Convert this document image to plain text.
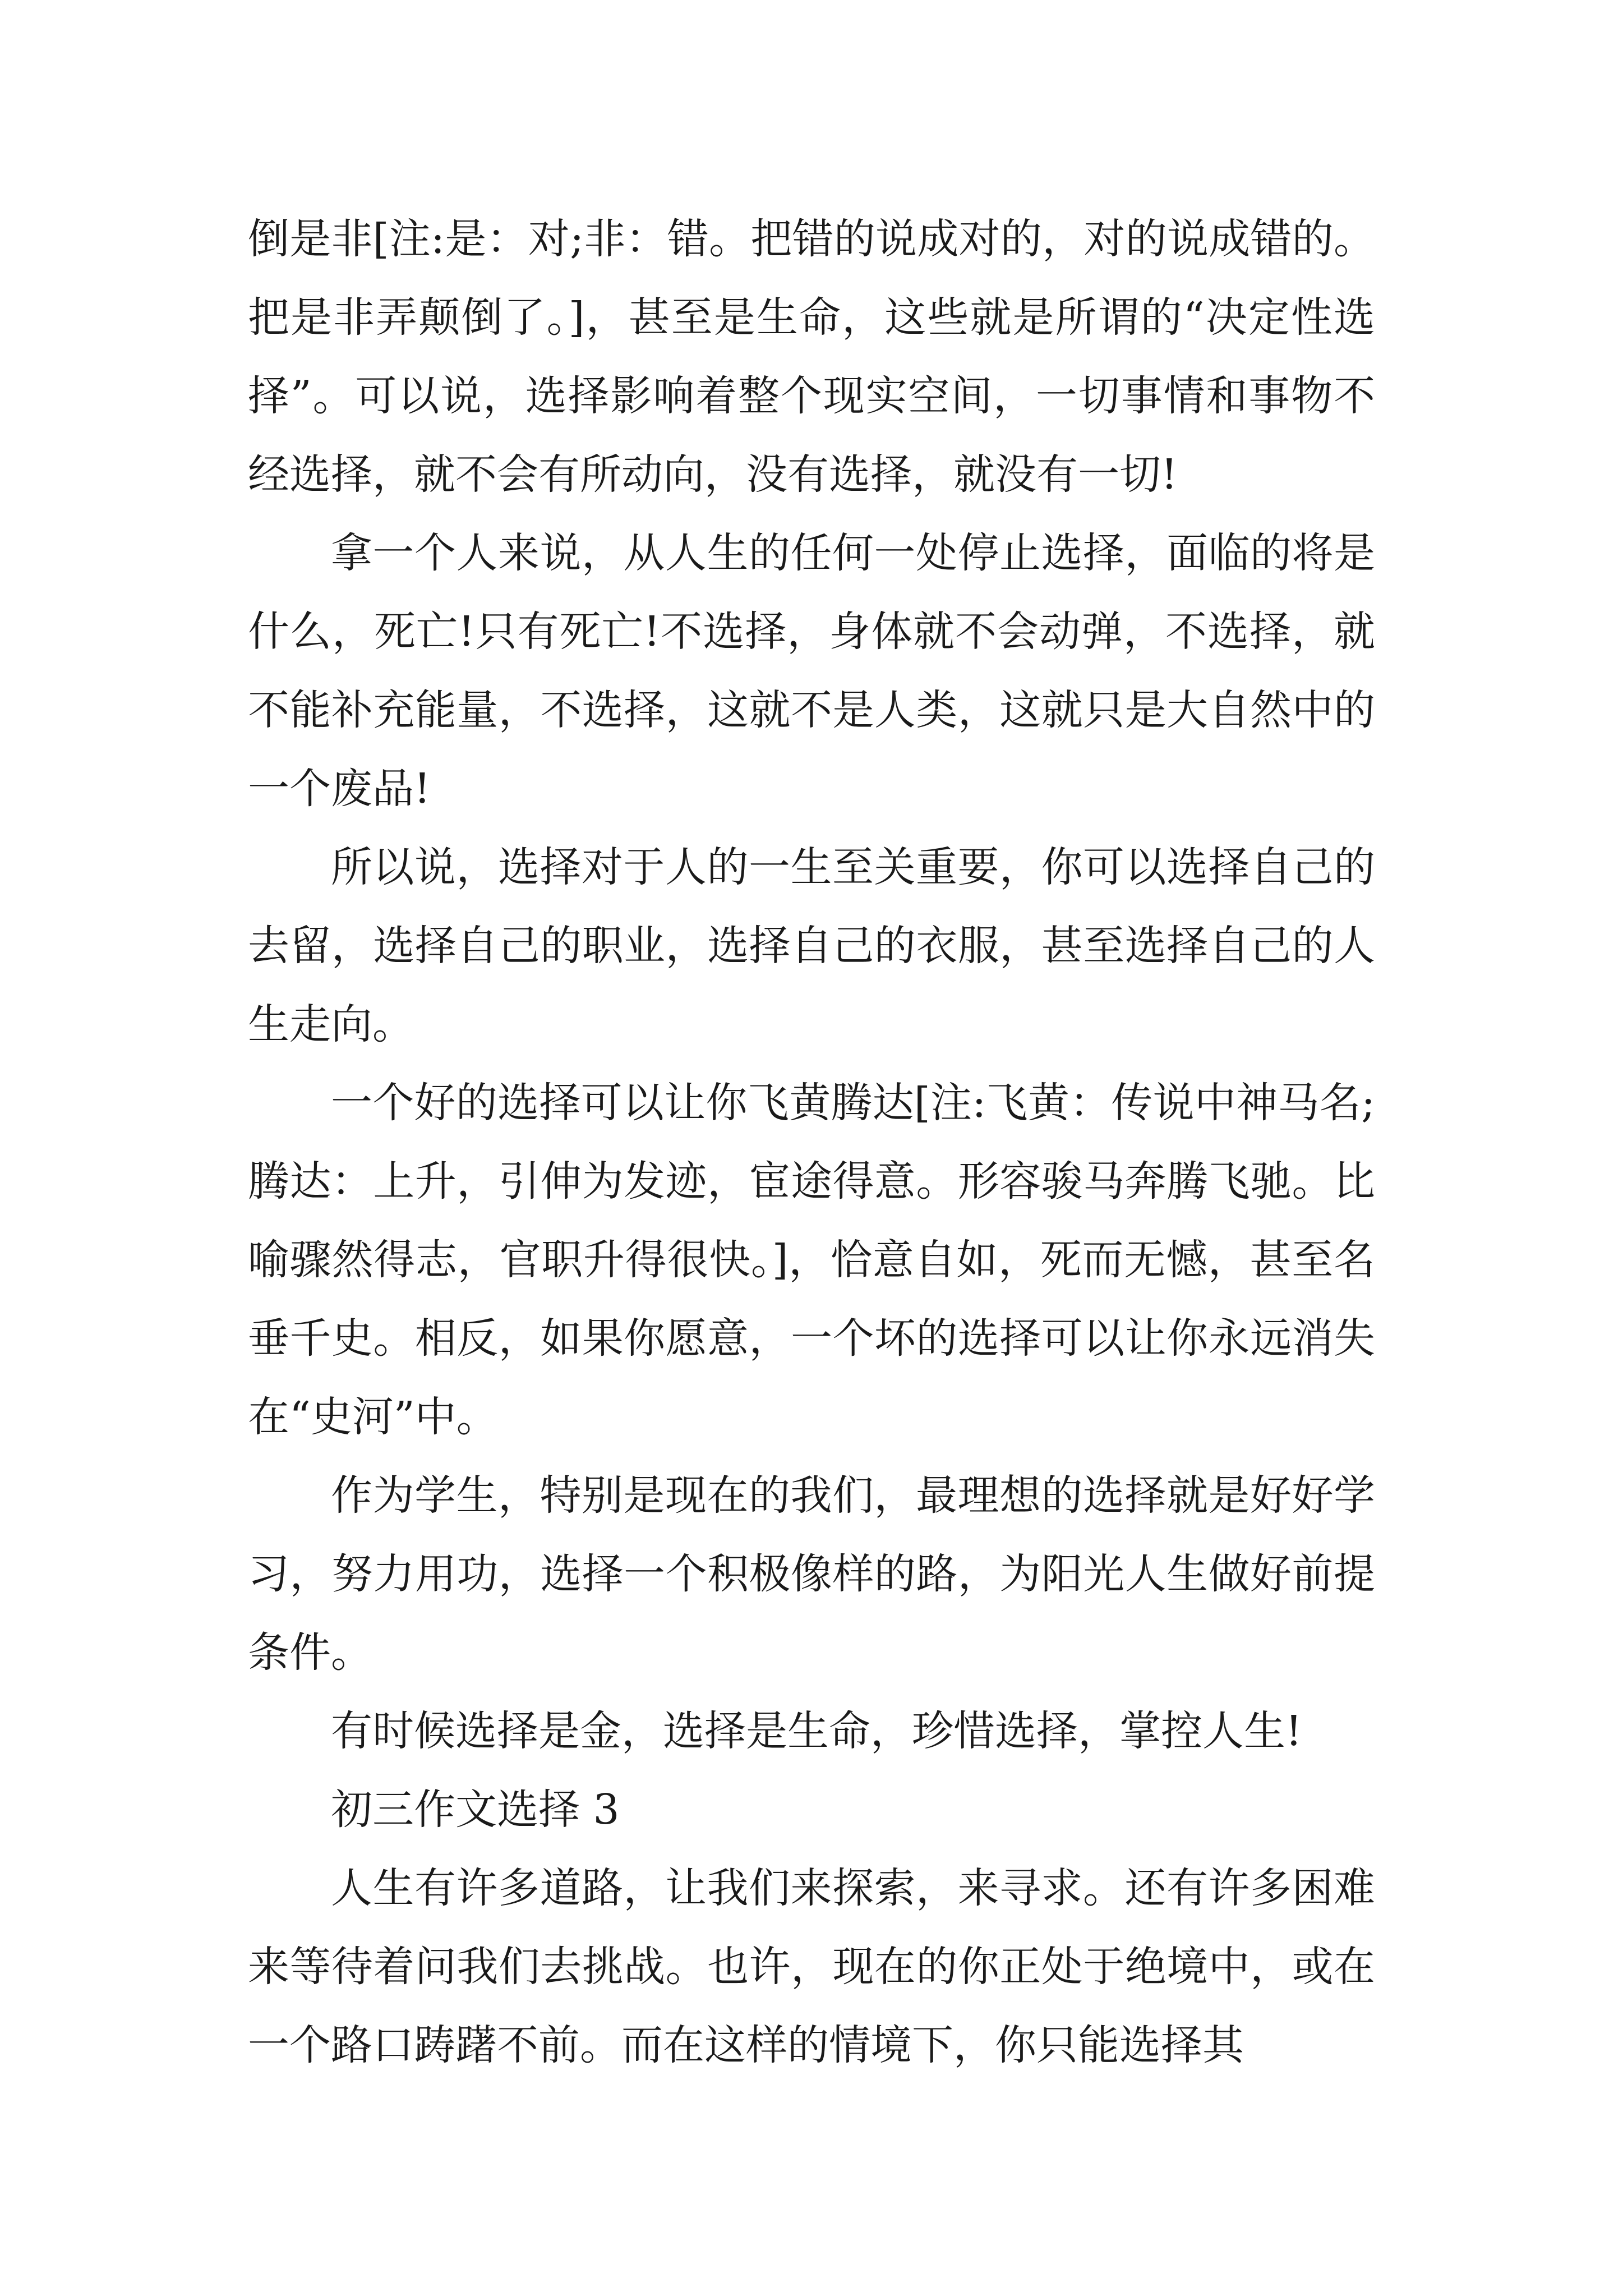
倒是非[注:是：对;非：错。把错的说成对的，对的说成错的。把是非弄颠倒了。]，甚至是生命，这些就是所谓的“决定性选择”。可以说，选择影响着整个现实空间，一切事情和事物不经选择，就不会有所动向，没有选择，就没有一切!

拿一个人来说，从人生的任何一处停止选择，面临的将是什么，死亡!只有死亡!不选择，身体就不会动弹，不选择，就不能补充能量，不选择，这就不是人类，这就只是大自然中的一个废品!

所以说，选择对于人的一生至关重要，你可以选择自己的去留，选择自己的职业，选择自己的衣服，甚至选择自己的人生走向。

一个好的选择可以让你飞黄腾达[注:飞黄：传说中神马名;腾达：上升，引伸为发迹，宦途得意。形容骏马奔腾飞驰。比喻骤然得志，官职升得很快。]，恰意自如，死而无憾，甚至名垂千史。相反，如果你愿意，一个坏的选择可以让你永远消失在“史河”中。

作为学生，特别是现在的我们，最理想的选择就是好好学习，努力用功，选择一个积极像样的路，为阳光人生做好前提条件。

有时候选择是金，选择是生命，珍惜选择，掌控人生!

初三作文选择 3

人生有许多道路，让我们来探索，来寻求。还有许多困难来等待着问我们去挑战。也许，现在的你正处于绝境中，或在一个路口踌躇不前。而在这样的情境下，你只能选择其
